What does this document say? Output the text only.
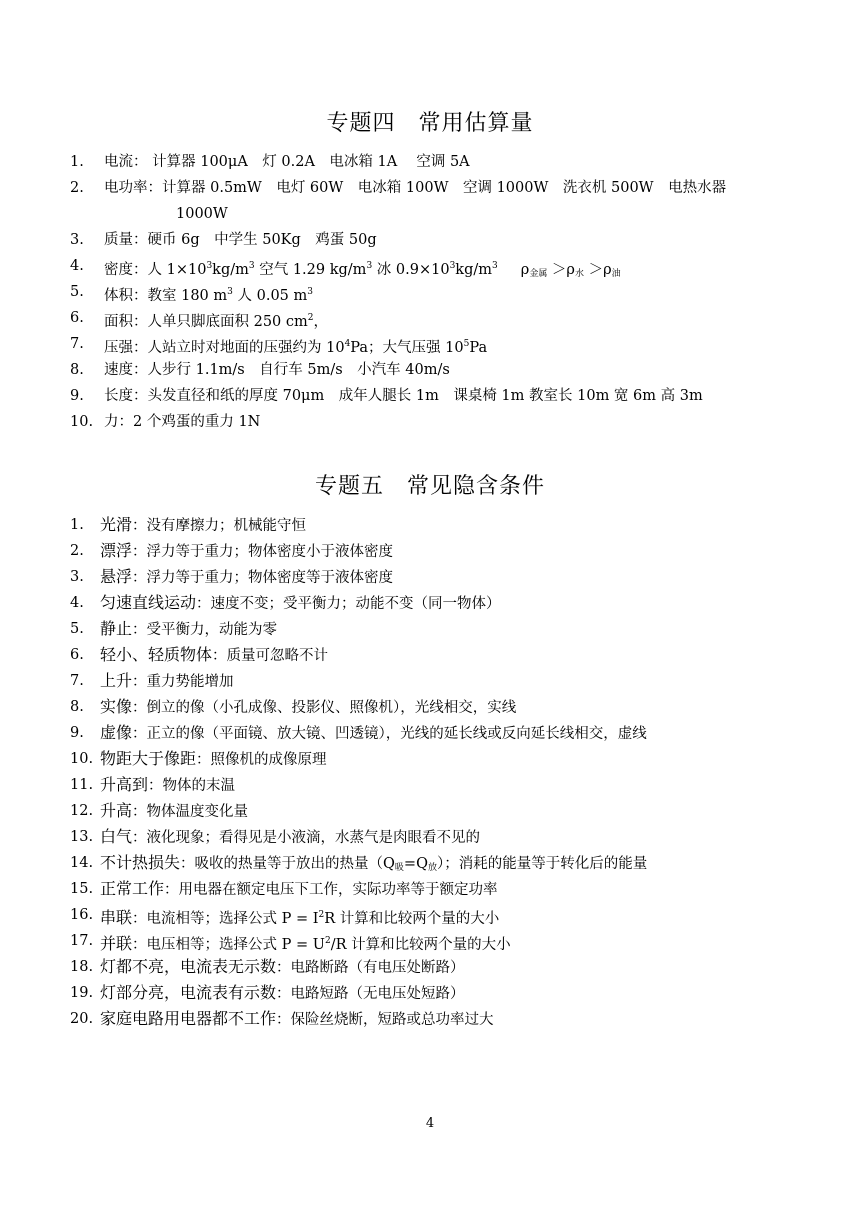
专题四　常用估算量
1.	电流： 计算器 100μA　灯 0.2A　电冰箱 1A　 空调 5A
2.	电功率：计算器 0.5mW　电灯 60W　电冰箱 100W　空调 1000W　洗衣机 500W　电热水器
1000W
3.	质量：硬币 6g　中学生 50Kg　鸡蛋 50g
4.	密度：人 $1\times 10^3kg/m^3$ 空气 1.29 $kg/m^3$ 冰 $0.9\times 10^3kg/m^3$ $\rho_{金属} >\rho_水 >\rho_油$
5.	体积：教室 180 $m^3$ 人 0.05 $m^3$
6.	面积：人单只脚底面积 250 $cm^2$，
7.	压强：人站立时对地面的压强约为 $10^4Pa$；大气压强 $10^5Pa$
8.	速度：人步行 1.1m/s　自行车 5m/s　小汽车 40m/s
9.	长度：头发直径和纸的厚度 70μm　成年人腿长 1m　课桌椅 1m 教室长 10m 宽 6m 高 3m
10. 力：2 个鸡蛋的重力 1N
专题五　常见隐含条件
1.	光滑：没有摩擦力；机械能守恒
2.	漂浮：浮力等于重力；物体密度小于液体密度
3.	悬浮：浮力等于重力；物体密度等于液体密度
4.	匀速直线运动：速度不变；受平衡力；动能不变（同一物体）
5.	静止：受平衡力，动能为零
6.	轻小、轻质物体：质量可忽略不计
7.	上升：重力势能增加
8.	实像：倒立的像（小孔成像、投影仪、照像机），光线相交，实线
9.	虚像：正立的像（平面镜、放大镜、凹透镜），光线的延长线或反向延长线相交，虚线
10. 物距大于像距：照像机的成像原理
11. 升高到：物体的末温
12. 升高：物体温度变化量
13. 白气：液化现象；看得见是小液滴，水蒸气是肉眼看不见的
14. 不计热损失：吸收的热量等于放出的热量$(Q_吸=Q_放)$；消耗的能量等于转化后的能量
15. 正常工作：用电器在额定电压下工作，实际功率等于额定功率
16. 串联：电流相等；选择公式 $P = I^2R$ 计算和比较两个量的大小
17. 并联：电压相等；选择公式 $P = U^2/R$ 计算和比较两个量的大小
18. 灯都不亮，电流表无示数：电路断路（有电压处断路）
19. 灯部分亮，电流表有示数：电路短路（无电压处短路）
20. 家庭电路用电器都不工作：保险丝烧断，短路或总功率过大
4
